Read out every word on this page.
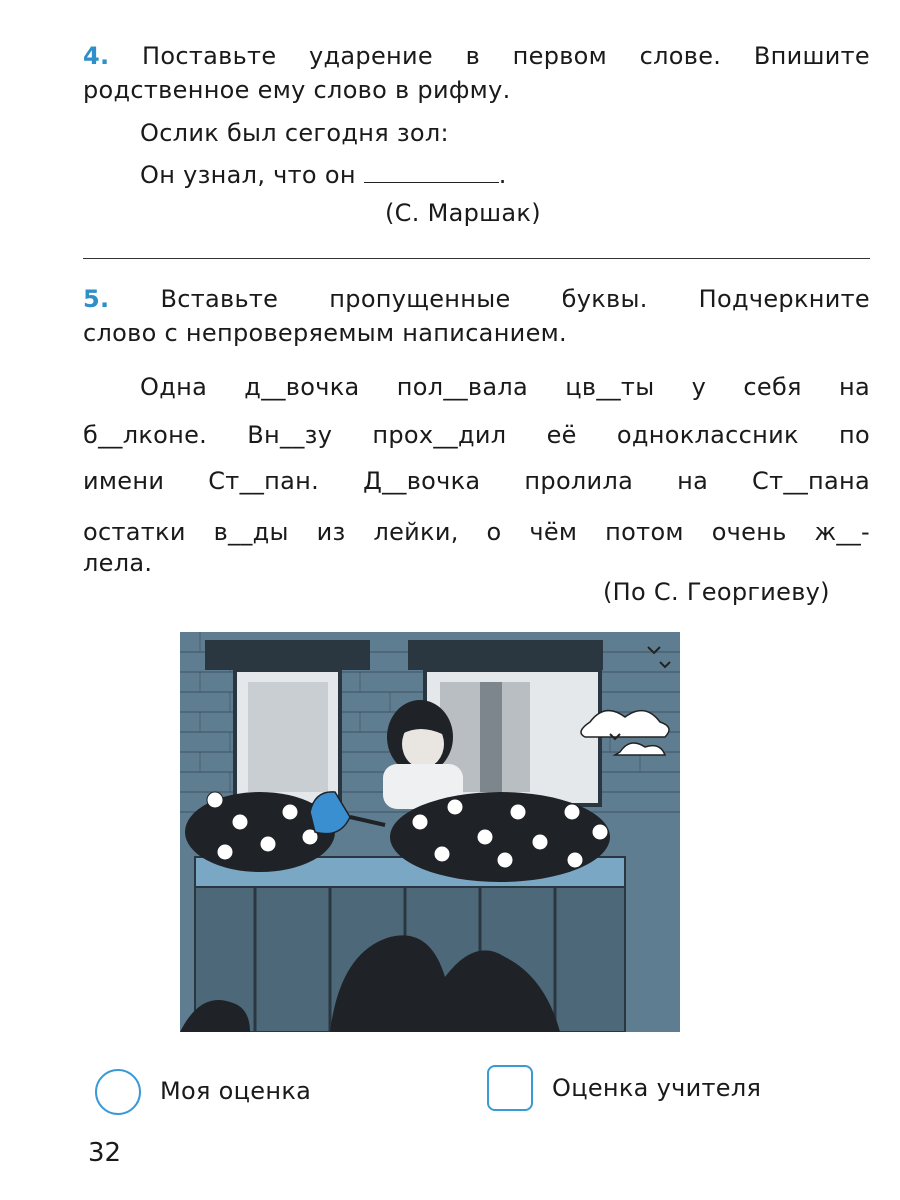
4. Поставьте ударение в первом слове. Впишите
родственное ему слово в рифму.
Ослик был сегодня зол:
Он узнал, что он	.
(С. Маршак)
5. Вставьте пропущенные буквы. Подчеркните
слово с непроверяемым написанием.
Одна д__вочка пол__вала цв__ты у себя на
б__лконе. Вн__зу прох__дил её одноклассник по
имени Ст__пан. Д__вочка пролила на Ст__пана
остатки в__ды из лейки, о чём потом очень ж__-
лела.
(По С. Георгиеву)
Моя оценка	Оценка учителя
32
